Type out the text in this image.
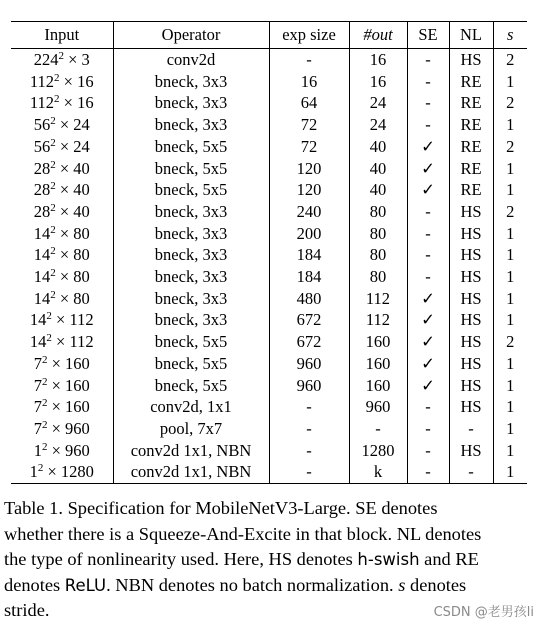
Input	Operator	exp size	#out	SE	NL	s
$224^2 \times 3$	conv2d	-	16	-	HS	2
$112^2 \times 16$	bneck, 3x3	16	16	-	RE	1
$112^2 \times 16$	bneck, 3x3	64	24	-	RE	2
$56^2 \times 24$	bneck, 3x3	72	24	-	RE	1
$56^2 \times 24$	bneck, 5x5	72	40	✓	RE	2
$28^2 \times 40$	bneck, 5x5	120	40	✓	RE	1
$28^2 \times 40$	bneck, 5x5	120	40	✓	RE	1
$28^2 \times 40$	bneck, 3x3	240	80	-	HS	2
$14^2 \times 80$	bneck, 3x3	200	80	-	HS	1
$14^2 \times 80$	bneck, 3x3	184	80	-	HS	1
$14^2 \times 80$	bneck, 3x3	184	80	-	HS	1
$14^2 \times 80$	bneck, 3x3	480	112	✓	HS	1
$14^2 \times 112$	bneck, 3x3	672	112	✓	HS	1
$14^2 \times 112$	bneck, 5x5	672	160	✓	HS	2
$7^2 \times 160$	bneck, 5x5	960	160	✓	HS	1
$7^2 \times 160$	bneck, 5x5	960	160	✓	HS	1
$7^2 \times 160$	conv2d, 1x1	-	960	-	HS	1
$7^2 \times 960$	pool, 7x7	-	-	-	-	1
$1^2 \times 960$	conv2d 1x1, NBN	-	1280	-	HS	1
$1^2 \times 1280$	conv2d 1x1, NBN	-	k	-	-	1
Table 1. Specification for MobileNetV3-Large. SE denotes
whether there is a Squeeze-And-Excite in that block. NL denotes
the type of nonlinearity used. Here, HS denotes h-swish and RE
denotes ReLU. NBN denotes no batch normalization. s denotes
stride.	CSDN @老男孩li
